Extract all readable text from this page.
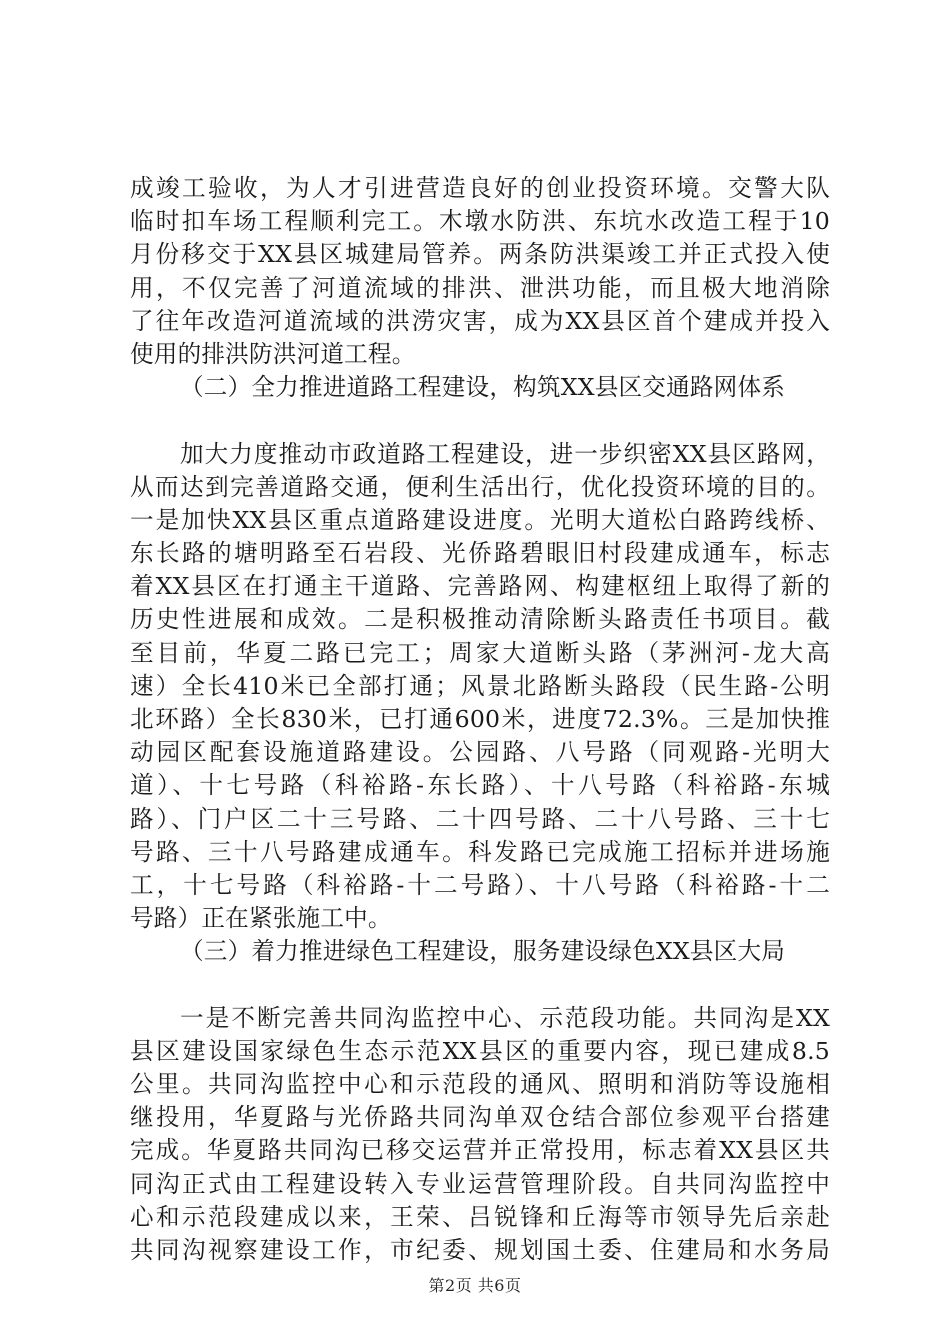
成竣工验收，为人才引进营造良好的创业投资环境。交警大队
临时扣车场工程顺利完工。木墩水防洪、东坑水改造工程于10
月份移交于XX县区城建局管养。两条防洪渠竣工并正式投入使
用，不仅完善了河道流域的排洪、泄洪功能，而且极大地消除
了往年改造河道流域的洪涝灾害，成为XX县区首个建成并投入
使用的排洪防洪河道工程。
（二）全力推进道路工程建设，构筑XX县区交通路网体系
加大力度推动市政道路工程建设，进一步织密XX县区路网，
从而达到完善道路交通，便利生活出行，优化投资环境的目的。
一是加快XX县区重点道路建设进度。光明大道松白路跨线桥、
东长路的塘明路至石岩段、光侨路碧眼旧村段建成通车，标志
着XX县区在打通主干道路、完善路网、构建枢纽上取得了新的
历史性进展和成效。二是积极推动清除断头路责任书项目。截
至目前，华夏二路已完工；周家大道断头路（茅洲河-龙大高
速）全长410米已全部打通；风景北路断头路段（民生路-公明
北环路）全长830米，已打通600米，进度72.3%。三是加快推
动园区配套设施道路建设。公园路、八号路（同观路-光明大
道）、十七号路（科裕路-东长路）、十八号路（科裕路-东城
路）、门户区二十三号路、二十四号路、二十八号路、三十七
号路、三十八号路建成通车。科发路已完成施工招标并进场施
工，十七号路（科裕路-十二号路）、十八号路（科裕路-十二
号路）正在紧张施工中。
（三）着力推进绿色工程建设，服务建设绿色XX县区大局
一是不断完善共同沟监控中心、示范段功能。共同沟是XX
县区建设国家绿色生态示范XX县区的重要内容，现已建成8.5
公里。共同沟监控中心和示范段的通风、照明和消防等设施相
继投用，华夏路与光侨路共同沟单双仓结合部位参观平台搭建
完成。华夏路共同沟已移交运营并正常投用，标志着XX县区共
同沟正式由工程建设转入专业运营管理阶段。自共同沟监控中
心和示范段建成以来，王荣、吕锐锋和丘海等市领导先后亲赴
共同沟视察建设工作，市纪委、规划国土委、住建局和水务局
第2页 共6页
